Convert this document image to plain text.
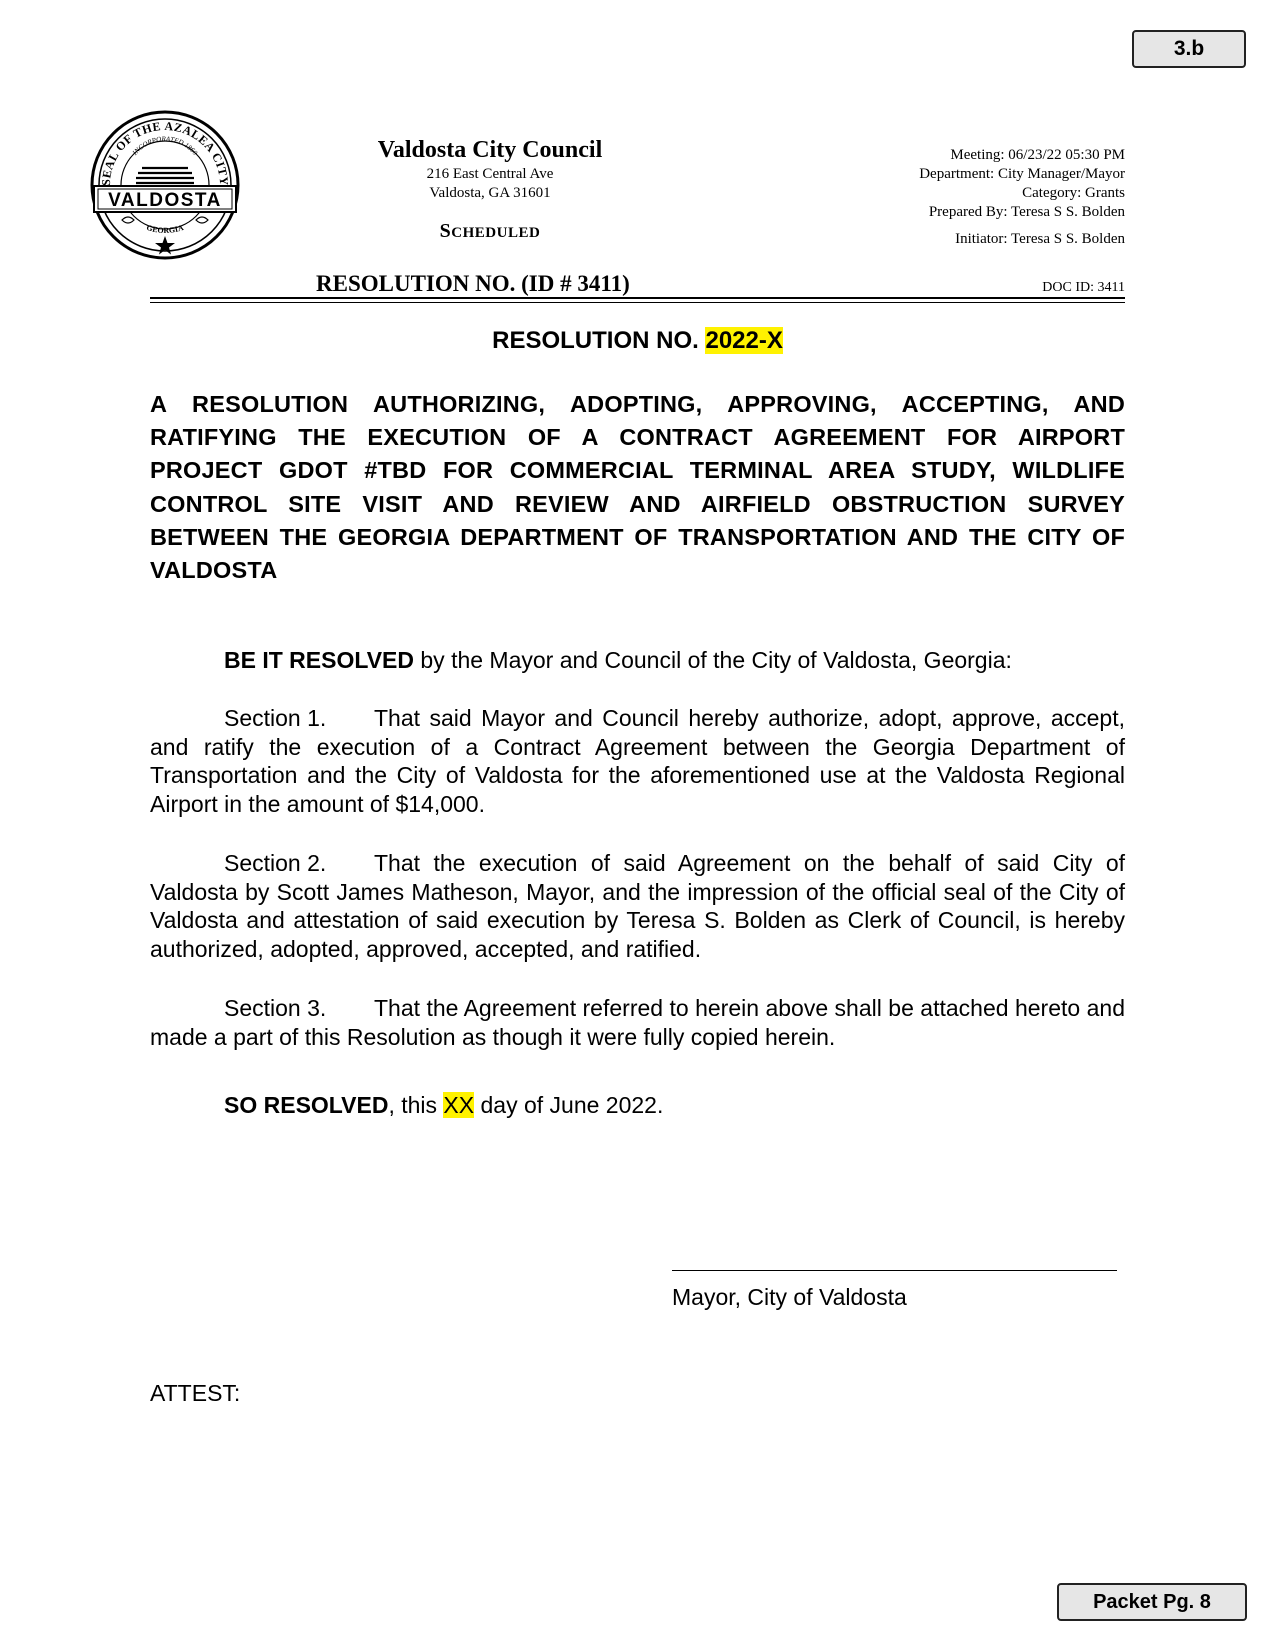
3.b
SEAL OF THE AZALEA CITY
INCORPORATED 1860
VALDOSTA
GEORGIA
Valdosta City Council
216 East Central Ave
Valdosta, GA 31601
SCHEDULED
Meeting: 06/23/22 05:30 PM
Department: City Manager/Mayor
Category: Grants
Prepared By: Teresa S S. Bolden
Initiator: Teresa S S. Bolden
RESOLUTION NO. (ID # 3411)	DOC ID: 3411
RESOLUTION NO. 2022-X
A RESOLUTION AUTHORIZING, ADOPTING, APPROVING, ACCEPTING, AND RATIFYING THE EXECUTION OF A CONTRACT AGREEMENT FOR AIRPORT PROJECT GDOT #TBD FOR COMMERCIAL TERMINAL AREA STUDY, WILDLIFE CONTROL SITE VISIT AND REVIEW AND AIRFIELD OBSTRUCTION SURVEY BETWEEN THE GEORGIA DEPARTMENT OF TRANSPORTATION AND THE CITY OF VALDOSTA
BE IT RESOLVED by the Mayor and Council of the City of Valdosta, Georgia:
Section 1. That said Mayor and Council hereby authorize, adopt, approve, accept, and ratify the execution of a Contract Agreement between the Georgia Department of Transportation and the City of Valdosta for the aforementioned use at the Valdosta Regional Airport in the amount of $14,000.
Section 2. That the execution of said Agreement on the behalf of said City of Valdosta by Scott James Matheson, Mayor, and the impression of the official seal of the City of Valdosta and attestation of said execution by Teresa S. Bolden as Clerk of Council, is hereby authorized, adopted, approved, accepted, and ratified.
Section 3. That the Agreement referred to herein above shall be attached hereto and made a part of this Resolution as though it were fully copied herein.
SO RESOLVED, this XX day of June 2022.
Mayor, City of Valdosta
ATTEST:
Packet Pg. 8
